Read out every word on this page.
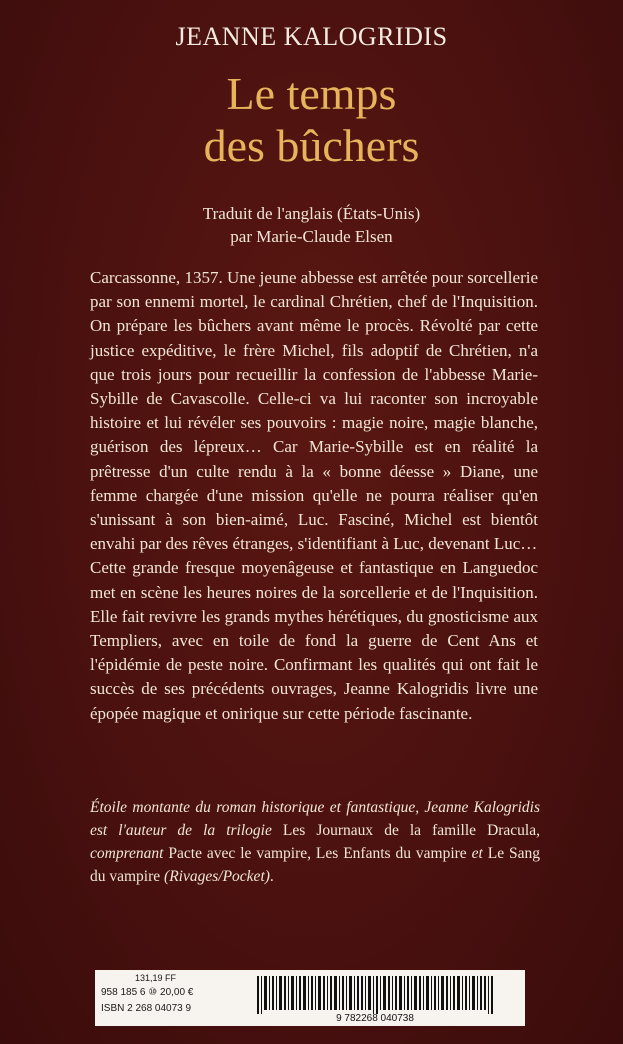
JEANNE KALOGRIDIS
Le temps
des bûchers
Traduit de l'anglais (États-Unis)
par Marie-Claude Elsen

Carcassonne, 1357. Une jeune abbesse est arrêtée pour sorcellerie par son ennemi mortel, le cardinal Chrétien, chef de l'Inquisition. On prépare les bûchers avant même le procès. Révolté par cette justice expéditive, le frère Michel, fils adoptif de Chrétien, n'a que trois jours pour recueillir la confession de l'abbesse Marie-Sybille de Cavascolle. Celle-ci va lui raconter son incroyable histoire et lui révéler ses pouvoirs : magie noire, magie blanche, guérison des lépreux… Car Marie-Sybille est en réalité la prêtresse d'un culte rendu à la « bonne déesse » Diane, une femme chargée d'une mission qu'elle ne pourra réaliser qu'en s'unissant à son bien-aimé, Luc. Fasciné, Michel est bientôt envahi par des rêves étranges, s'identifiant à Luc, devenant Luc…

Cette grande fresque moyenâgeuse et fantastique en Languedoc met en scène les heures noires de la sorcellerie et de l'Inquisition. Elle fait revivre les grands mythes hérétiques, du gnosticisme aux Templiers, avec en toile de fond la guerre de Cent Ans et l'épidémie de peste noire. Confirmant les qualités qui ont fait le succès de ses précédents ouvrages, Jeanne Kalogridis livre une épopée magique et onirique sur cette période fascinante.

Étoile montante du roman historique et fantastique, Jeanne Kalogridis est l'auteur de la trilogie Les Journaux de la famille Dracula, comprenant Pacte avec le vampire, Les Enfants du vampire et Le Sang du vampire (Rivages/Pocket).
131,19 FF
958 185 6 ⑩ 20,00 €
ISBN 2 268 04073 9
9 782268 040738
